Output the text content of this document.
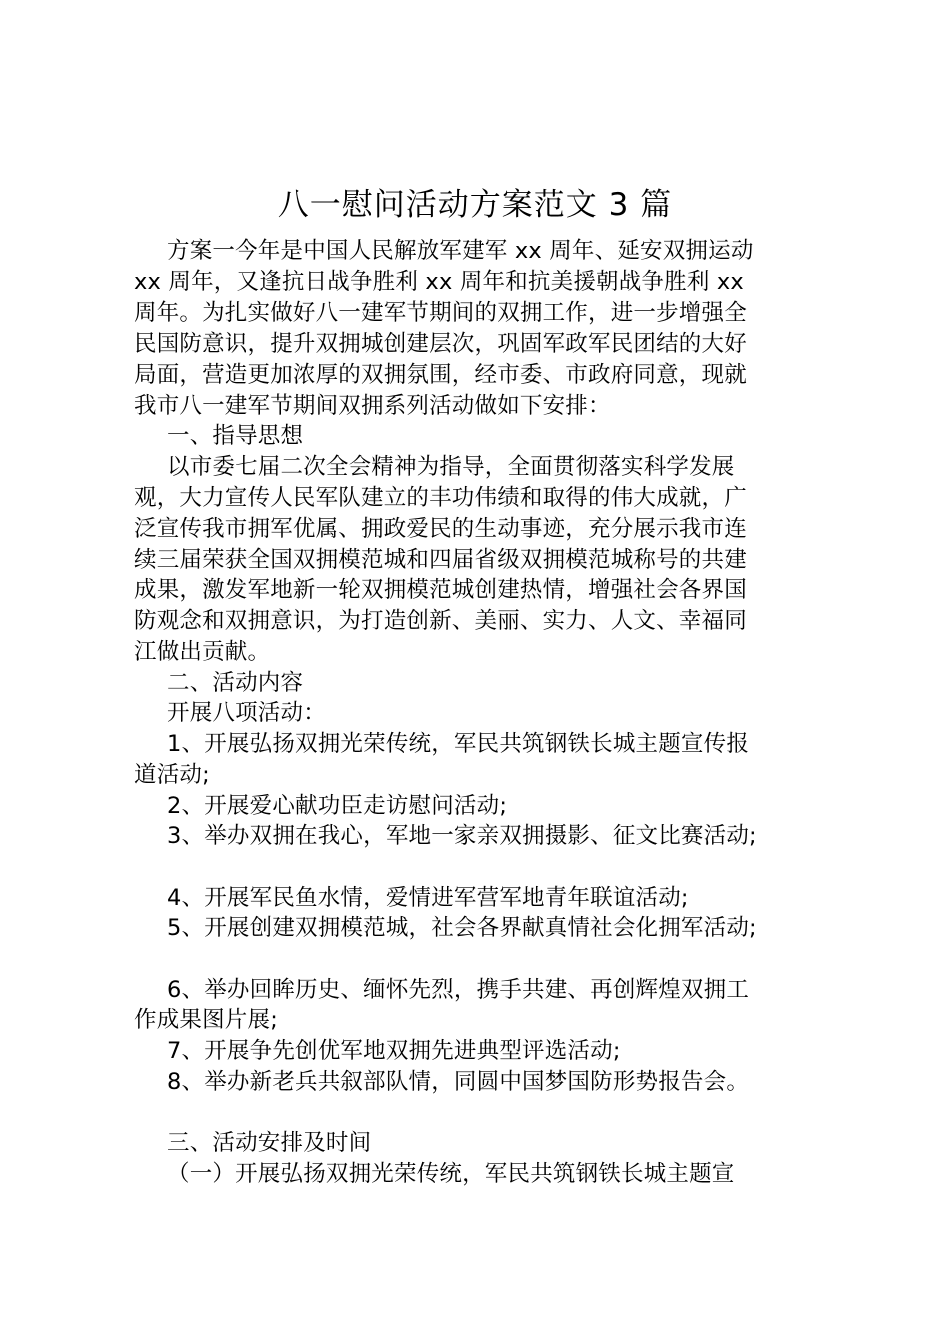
八一慰问活动方案范文 3 篇
方案一今年是中国人民解放军建军 xx 周年、延安双拥运动
xx 周年，又逢抗日战争胜利 xx 周年和抗美援朝战争胜利 xx
周年。为扎实做好八一建军节期间的双拥工作，进一步增强全
民国防意识，提升双拥城创建层次，巩固军政军民团结的大好
局面，营造更加浓厚的双拥氛围，经市委、市政府同意，现就
我市八一建军节期间双拥系列活动做如下安排：
一、指导思想
以市委七届二次全会精神为指导，全面贯彻落实科学发展
观，大力宣传人民军队建立的丰功伟绩和取得的伟大成就，广
泛宣传我市拥军优属、拥政爱民的生动事迹，充分展示我市连
续三届荣获全国双拥模范城和四届省级双拥模范城称号的共建
成果，激发军地新一轮双拥模范城创建热情，增强社会各界国
防观念和双拥意识，为打造创新、美丽、实力、人文、幸福同
江做出贡献。
二、活动内容
开展八项活动：
1、开展弘扬双拥光荣传统，军民共筑钢铁长城主题宣传报
道活动;
2、开展爱心献功臣走访慰问活动;
3、举办双拥在我心，军地一家亲双拥摄影、征文比赛活动;
4、开展军民鱼水情，爱情进军营军地青年联谊活动;
5、开展创建双拥模范城，社会各界献真情社会化拥军活动;
6、举办回眸历史、缅怀先烈，携手共建、再创辉煌双拥工
作成果图片展;
7、开展争先创优军地双拥先进典型评选活动;
8、举办新老兵共叙部队情，同圆中国梦国防形势报告会。
三、活动安排及时间
（一）开展弘扬双拥光荣传统，军民共筑钢铁长城主题宣
